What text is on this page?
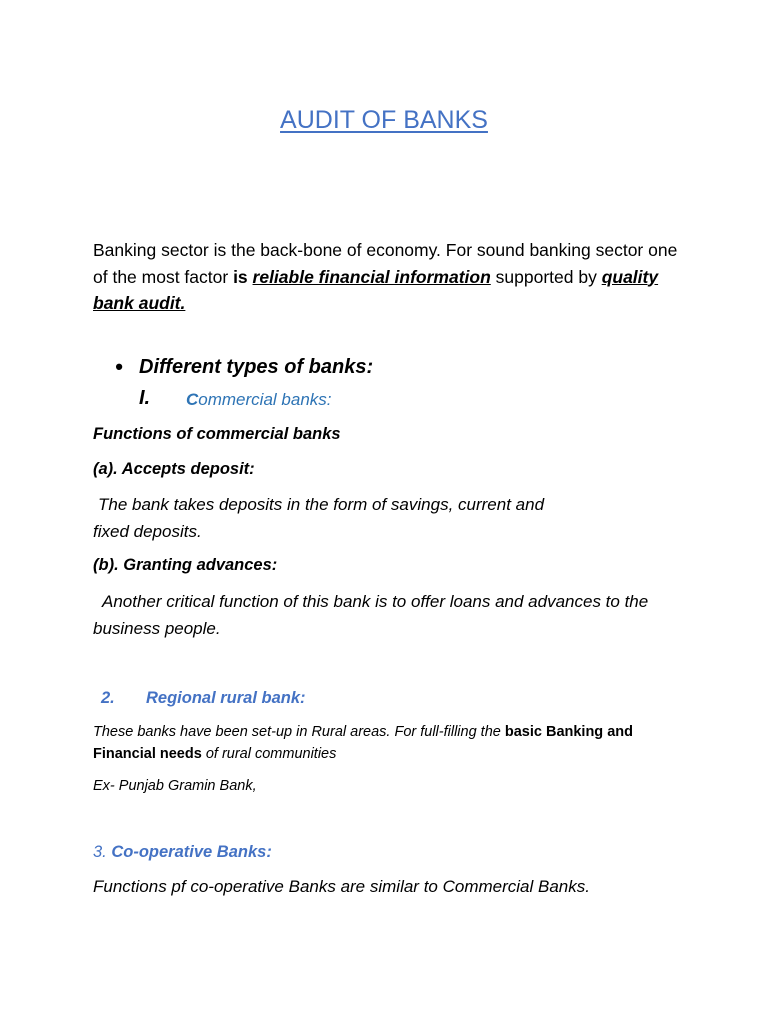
AUDIT OF BANKS
Banking sector is the back-bone of economy. For sound banking sector one of the most factor is reliable financial information supported by quality bank audit.
• Different types of banks:
I. Commercial banks:
Functions of commercial banks
(a). Accepts deposit:
The bank takes deposits in the form of savings, current and fixed deposits.
(b). Granting advances:
Another critical function of this bank is to offer loans and advances to the business people.
2. Regional rural bank:
These banks have been set-up in Rural areas. For full-filling the basic Banking and Financial needs of rural communities
Ex- Punjab Gramin Bank,
3. Co-operative Banks:
Functions pf co-operative Banks are similar to Commercial Banks.
